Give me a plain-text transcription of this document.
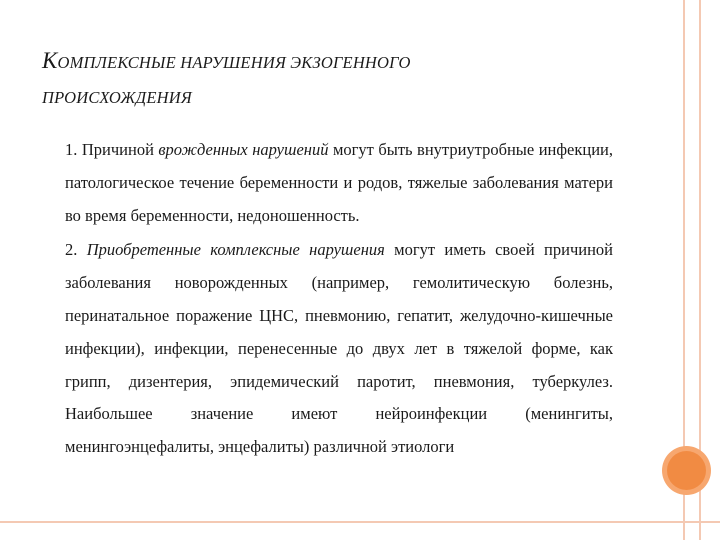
КОМПЛЕКСНЫЕ НАРУШЕНИЯ ЭКЗОГЕННОГО
ПРОИСХОЖДЕНИЯ

1. Причиной врожденных нарушений могут быть внутриутробные инфекции, патологическое течение беременности и родов, тяжелые заболевания матери во время беременности, недоношенность.

2. Приобретенные комплексные нарушения могут иметь своей причиной заболевания новорожденных (например, гемолитическую болезнь, перинатальное поражение ЦНС, пневмонию, гепатит, желудочно-кишечные инфекции), инфекции, перенесенные до двух лет в тяжелой форме, как грипп, дизентерия, эпидемический паротит, пневмония, туберкулез. Наибольшее значение имеют нейроинфекции (менингиты, менингоэнцефалиты, энцефалиты) различной этиологи
